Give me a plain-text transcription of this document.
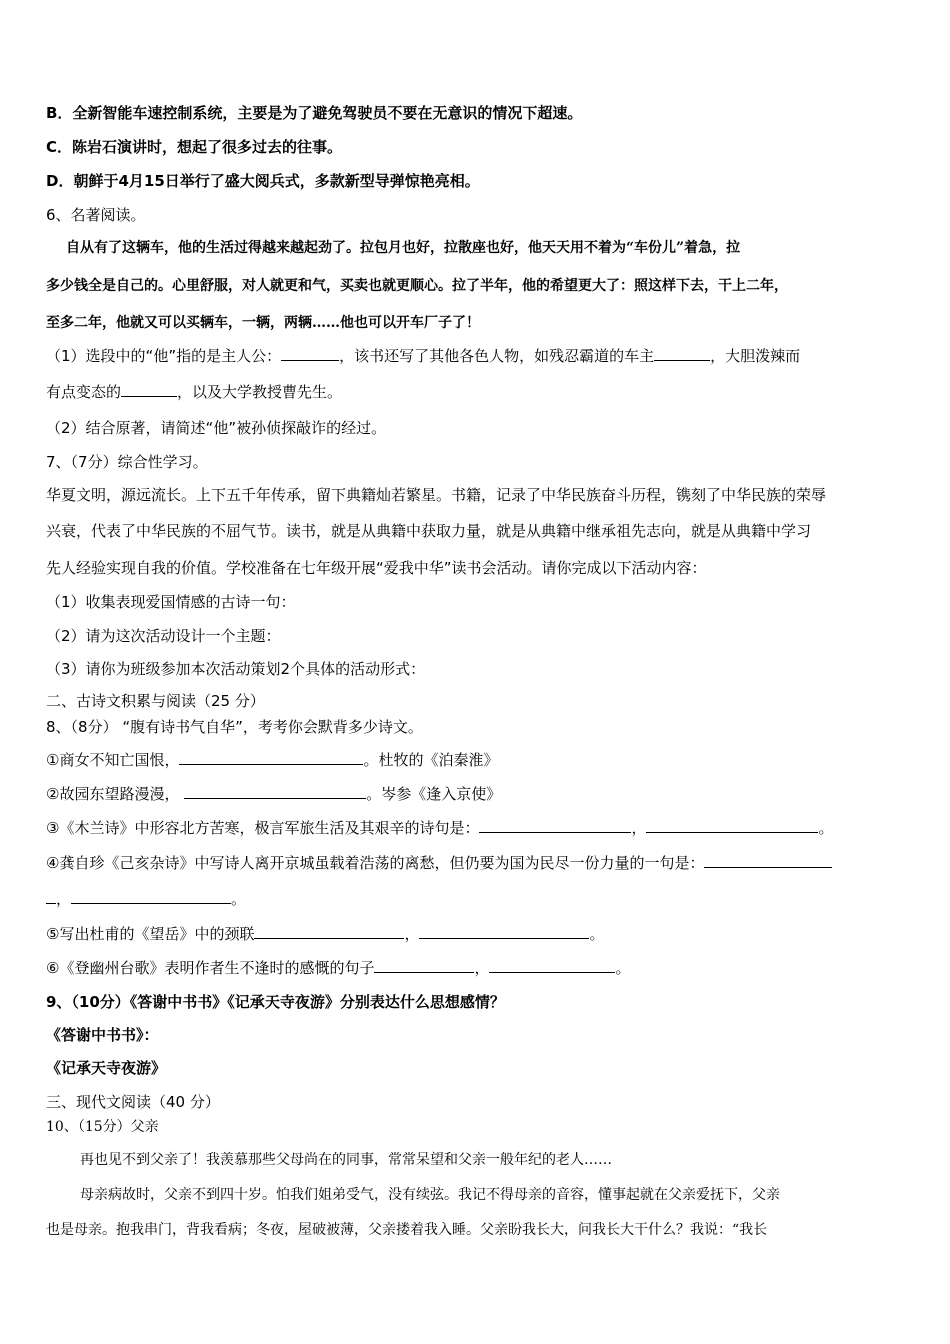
B．全新智能车速控制系统，主要是为了避免驾驶员不要在无意识的情况下超速。
C．陈岩石演讲时，想起了很多过去的往事。
D．朝鲜于4月15日举行了盛大阅兵式，多款新型导弹惊艳亮相。
6、名著阅读。
自从有了这辆车，他的生活过得越来越起劲了。拉包月也好，拉散座也好，他天天用不着为“车份儿”着急，拉
多少钱全是自己的。心里舒服，对人就更和气，买卖也就更顺心。拉了半年，他的希望更大了：照这样下去，干上二年，
至多二年，他就又可以买辆车，一辆，两辆……他也可以开车厂子了！
（1）选段中的“他”指的是主人公：	，该书还写了其他各色人物，如残忍霸道的车主	，大胆泼辣而
有点变态的	，以及大学教授曹先生。
（2）结合原著，请简述“他”被孙侦探敲诈的经过。
7、（7分）综合性学习。
华夏文明，源远流长。上下五千年传承，留下典籍灿若繁星。书籍，记录了中华民族奋斗历程，镌刻了中华民族的荣辱
兴衰，代表了中华民族的不屈气节。读书，就是从典籍中获取力量，就是从典籍中继承祖先志向，就是从典籍中学习
先人经验实现自我的价值。学校准备在七年级开展“爱我中华”读书会活动。请你完成以下活动内容：
（1）收集表现爱国情感的古诗一句：
（2）请为这次活动设计一个主题：
（3）请你为班级参加本次活动策划2个具体的活动形式：
二、古诗文积累与阅读（25 分）
8、（8分） “腹有诗书气自华”，考考你会默背多少诗文。
①商女不知亡国恨，	。杜牧的《泊秦淮》
②故园东望路漫漫，	。岑参《逢入京使》
③《木兰诗》中形容北方苦寒，极言军旅生活及其艰辛的诗句是：	，	。
④龚自珍《己亥杂诗》中写诗人离开京城虽载着浩荡的离愁，但仍要为国为民尽一份力量的一句是：
，	。
⑤写出杜甫的《望岳》中的颈联	，	。
⑥《登幽州台歌》表明作者生不逢时的感慨的句子	，	。
9、（10分）《答谢中书书》《记承天寺夜游》分别表达什么思想感情？
《答谢中书书》：
《记承天寺夜游》
三、现代文阅读（40 分）
10、（15分）父亲
再也见不到父亲了！我羡慕那些父母尚在的同事，常常呆望和父亲一般年纪的老人……
母亲病故时，父亲不到四十岁。怕我们姐弟受气，没有续弦。我记不得母亲的音容，懂事起就在父亲爱抚下，父亲
也是母亲。抱我串门，背我看病；冬夜，屋破被薄，父亲搂着我入睡。父亲盼我长大，问我长大干什么？我说：“我长
